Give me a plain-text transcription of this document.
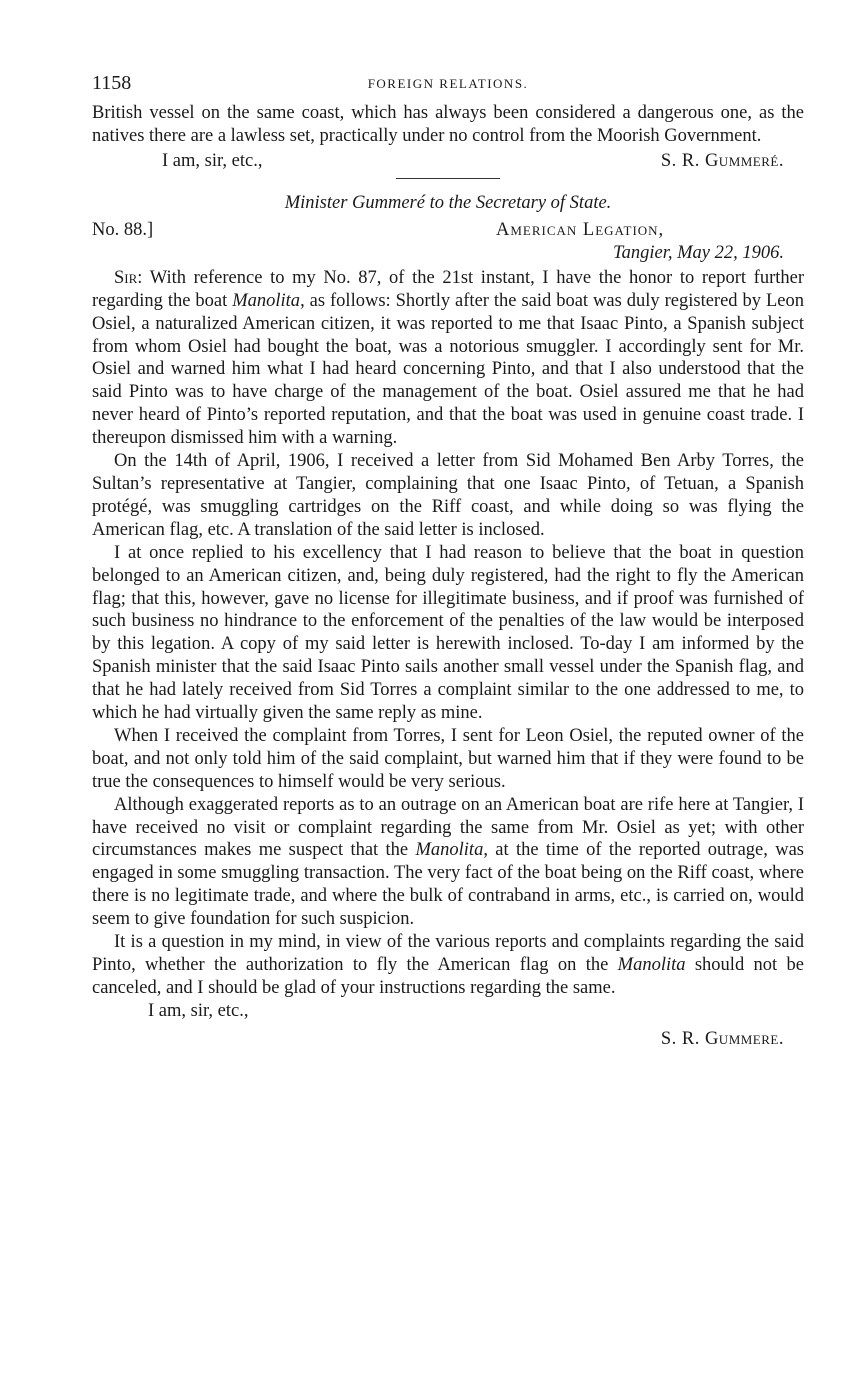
1158	FOREIGN RELATIONS.

British vessel on the same coast, which has always been considered a dangerous one, as the natives there are a lawless set, practically under no control from the Moorish Government.

I am, sir, etc.,	S. R. Gummeré.
Minister Gummeré to the Secretary of State.
No. 88.]	American Legation,
Tangier, May 22, 1906.

Sir: With reference to my No. 87, of the 21st instant, I have the honor to report further regarding the boat Manolita, as follows: Shortly after the said boat was duly registered by Leon Osiel, a naturalized American citizen, it was reported to me that Isaac Pinto, a Spanish subject from whom Osiel had bought the boat, was a notorious smuggler. I accordingly sent for Mr. Osiel and warned him what I had heard concerning Pinto, and that I also understood that the said Pinto was to have charge of the management of the boat. Osiel assured me that he had never heard of Pinto’s reported reputation, and that the boat was used in genuine coast trade. I thereupon dismissed him with a warning.

On the 14th of April, 1906, I received a letter from Sid Mohamed Ben Arby Torres, the Sultan’s representative at Tangier, complaining that one Isaac Pinto, of Tetuan, a Spanish protégé, was smuggling cartridges on the Riff coast, and while doing so was flying the American flag, etc. A translation of the said letter is inclosed.

I at once replied to his excellency that I had reason to believe that the boat in question belonged to an American citizen, and, being duly registered, had the right to fly the American flag; that this, however, gave no license for illegitimate business, and if proof was furnished of such business no hindrance to the enforcement of the penalties of the law would be interposed by this legation. A copy of my said letter is herewith inclosed. To-day I am informed by the Spanish minister that the said Isaac Pinto sails another small vessel under the Spanish flag, and that he had lately received from Sid Torres a complaint similar to the one addressed to me, to which he had virtually given the same reply as mine.

When I received the complaint from Torres, I sent for Leon Osiel, the reputed owner of the boat, and not only told him of the said complaint, but warned him that if they were found to be true the consequences to himself would be very serious.

Although exaggerated reports as to an outrage on an American boat are rife here at Tangier, I have received no visit or complaint regarding the same from Mr. Osiel as yet; with other circumstances makes me suspect that the Manolita, at the time of the reported outrage, was engaged in some smuggling transaction. The very fact of the boat being on the Riff coast, where there is no legitimate trade, and where the bulk of contraband in arms, etc., is carried on, would seem to give foundation for such suspicion.

It is a question in my mind, in view of the various reports and complaints regarding the said Pinto, whether the authorization to fly the American flag on the Manolita should not be canceled, and I should be glad of your instructions regarding the same.

I am, sir, etc.,
S. R. Gummere.
